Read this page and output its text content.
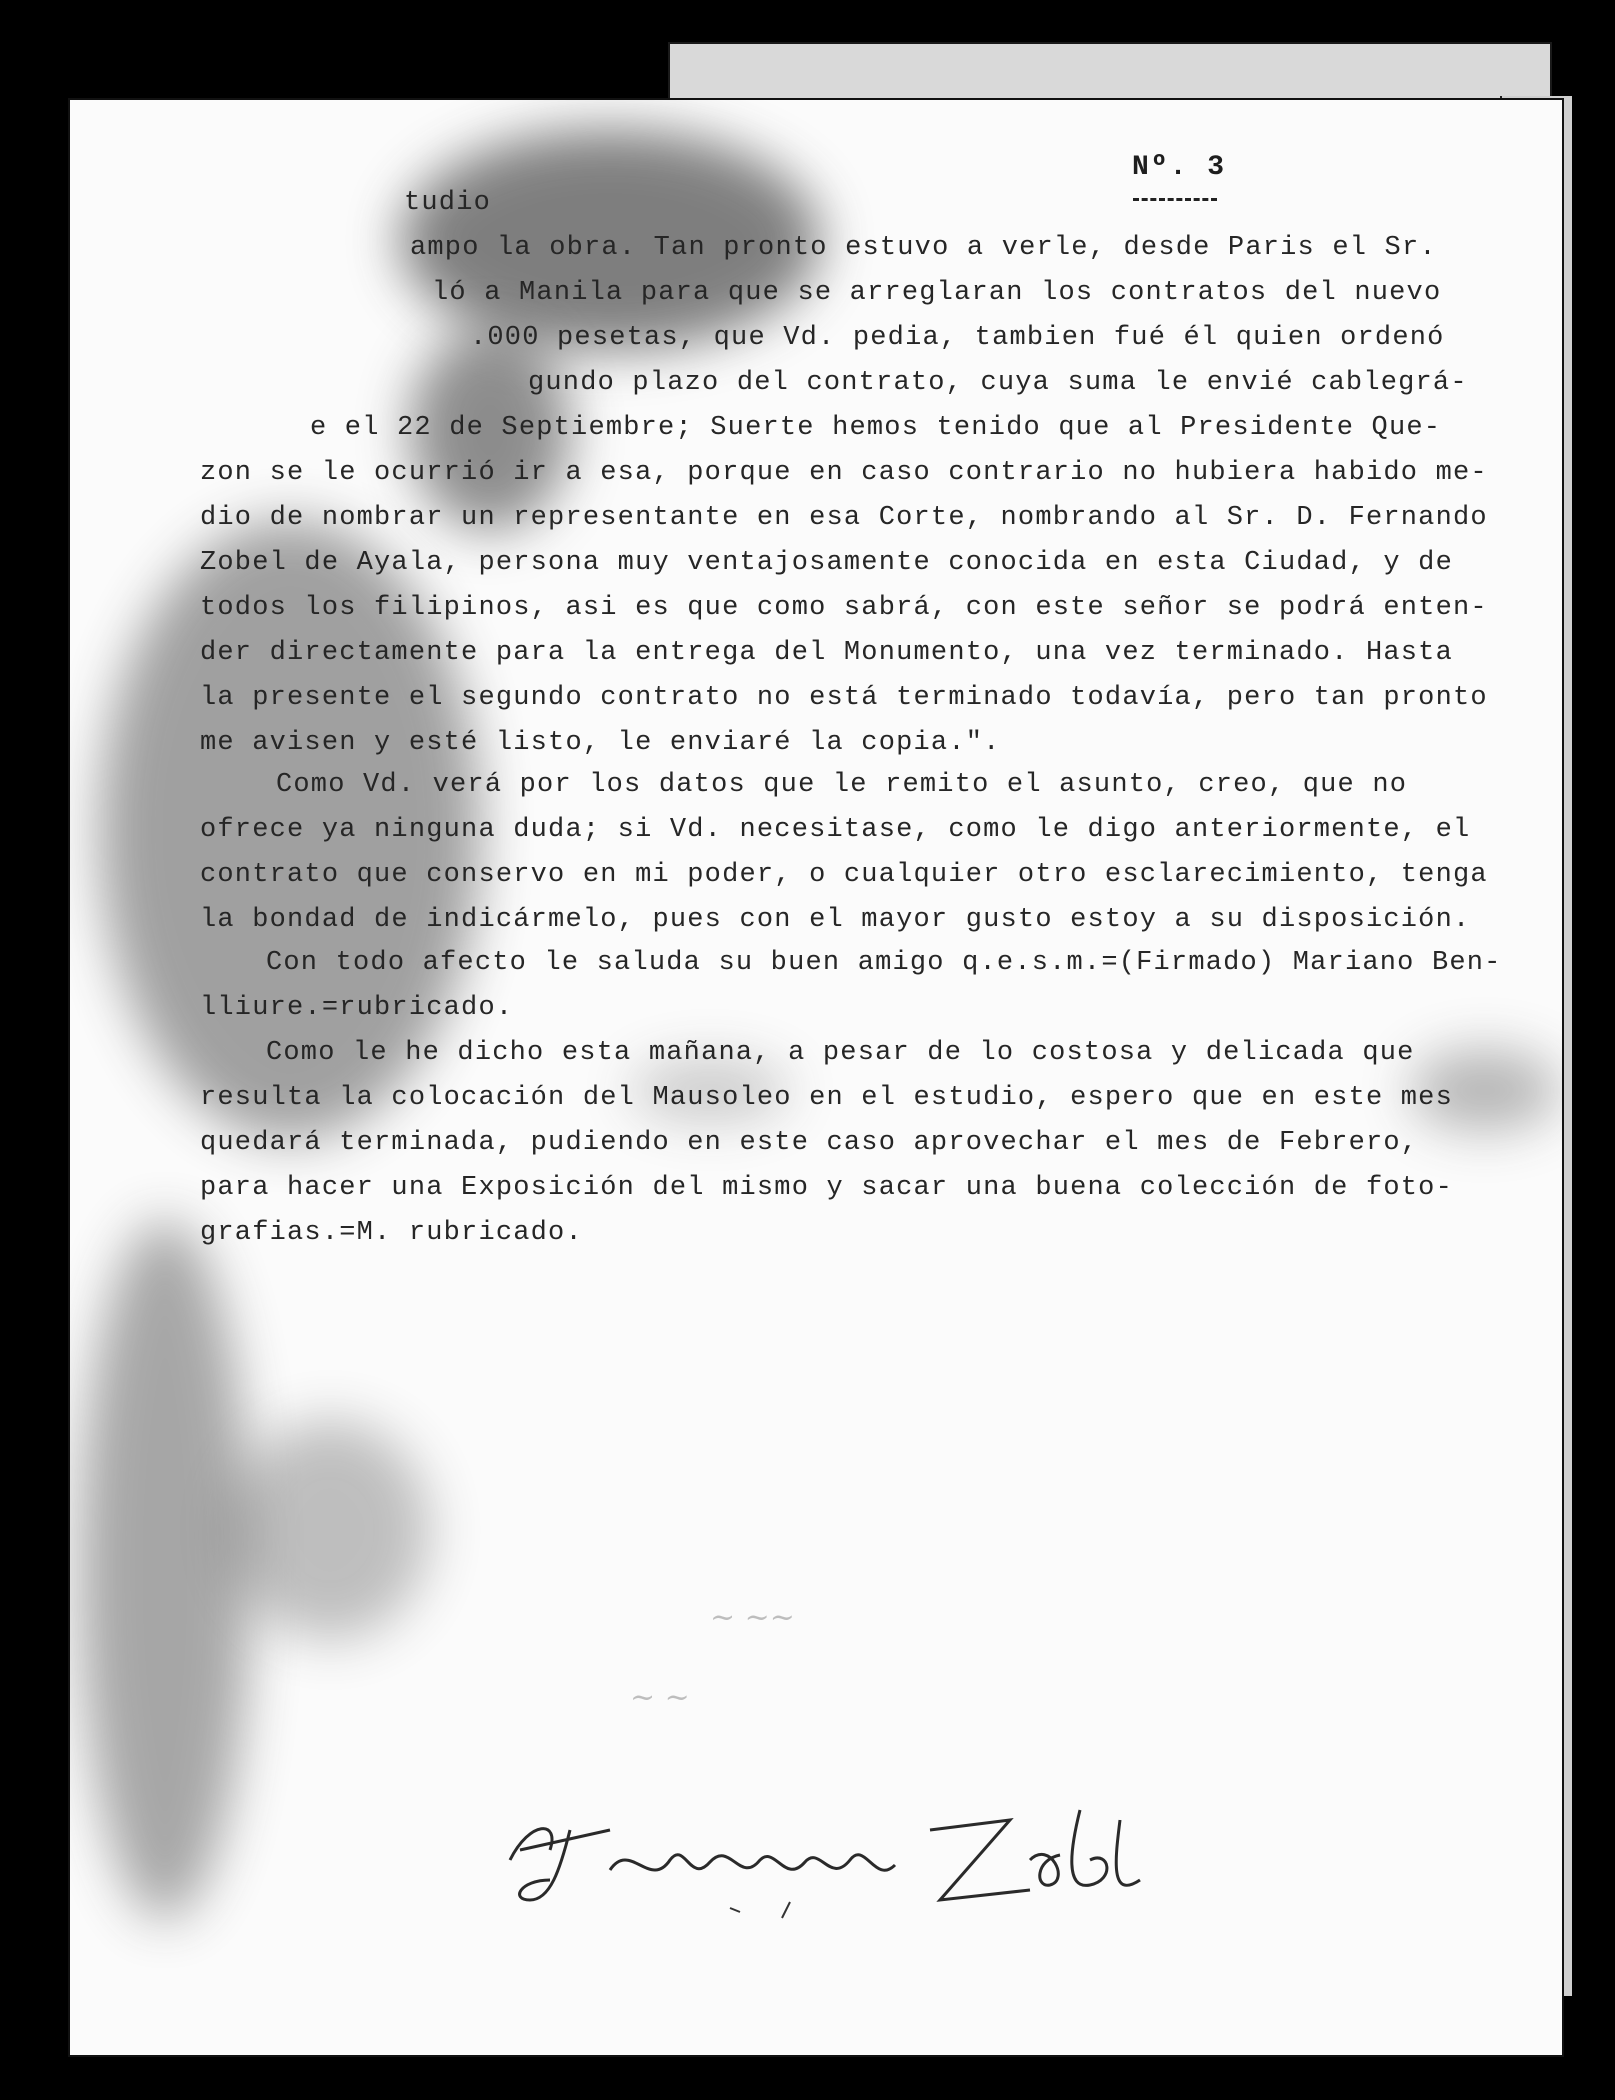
Nº. 3
tudio
ampo la obra. Tan pronto estuvo a verle, desde Paris el Sr.
ló a Manila para que se arreglaran los contratos del nuevo
.000 pesetas, que Vd. pedia, tambien fué él quien ordenó
gundo plazo del contrato, cuya suma le envié cablegrá-
e el 22 de Septiembre; Suerte hemos tenido que al Presidente Que-
zon se le ocurrió ir a esa, porque en caso contrario no hubiera habido me-
dio de nombrar un representante en esa Corte, nombrando al Sr. D. Fernando
Zobel de Ayala, persona muy ventajosamente conocida en esta Ciudad, y de
todos los filipinos, asi es que como sabrá, con este señor se podrá enten-
der directamente para la entrega del Monumento, una vez terminado. Hasta
la presente el segundo contrato no está terminado todavía, pero tan pronto
me avisen y esté listo, le enviaré la copia.".
Como Vd. verá por los datos que le remito el asunto, creo, que no
ofrece ya ninguna duda; si Vd. necesitase, como le digo anteriormente, el
contrato que conservo en mi poder, o cualquier otro esclarecimiento, tenga
la bondad de indicármelo, pues con el mayor gusto estoy a su disposición.
Con todo afecto le saluda su buen amigo q.e.s.m.=(Firmado) Mariano Ben-
lliure.=rubricado.
Como le he dicho esta mañana, a pesar de lo costosa y delicada que
resulta la colocación del Mausoleo en el estudio, espero que en este mes
quedará terminada, pudiendo en este caso aprovechar el mes de Febrero,
para hacer una Exposición del mismo y sacar una buena colección de foto-
grafias.=M. rubricado.
~ ~~
~ ~
